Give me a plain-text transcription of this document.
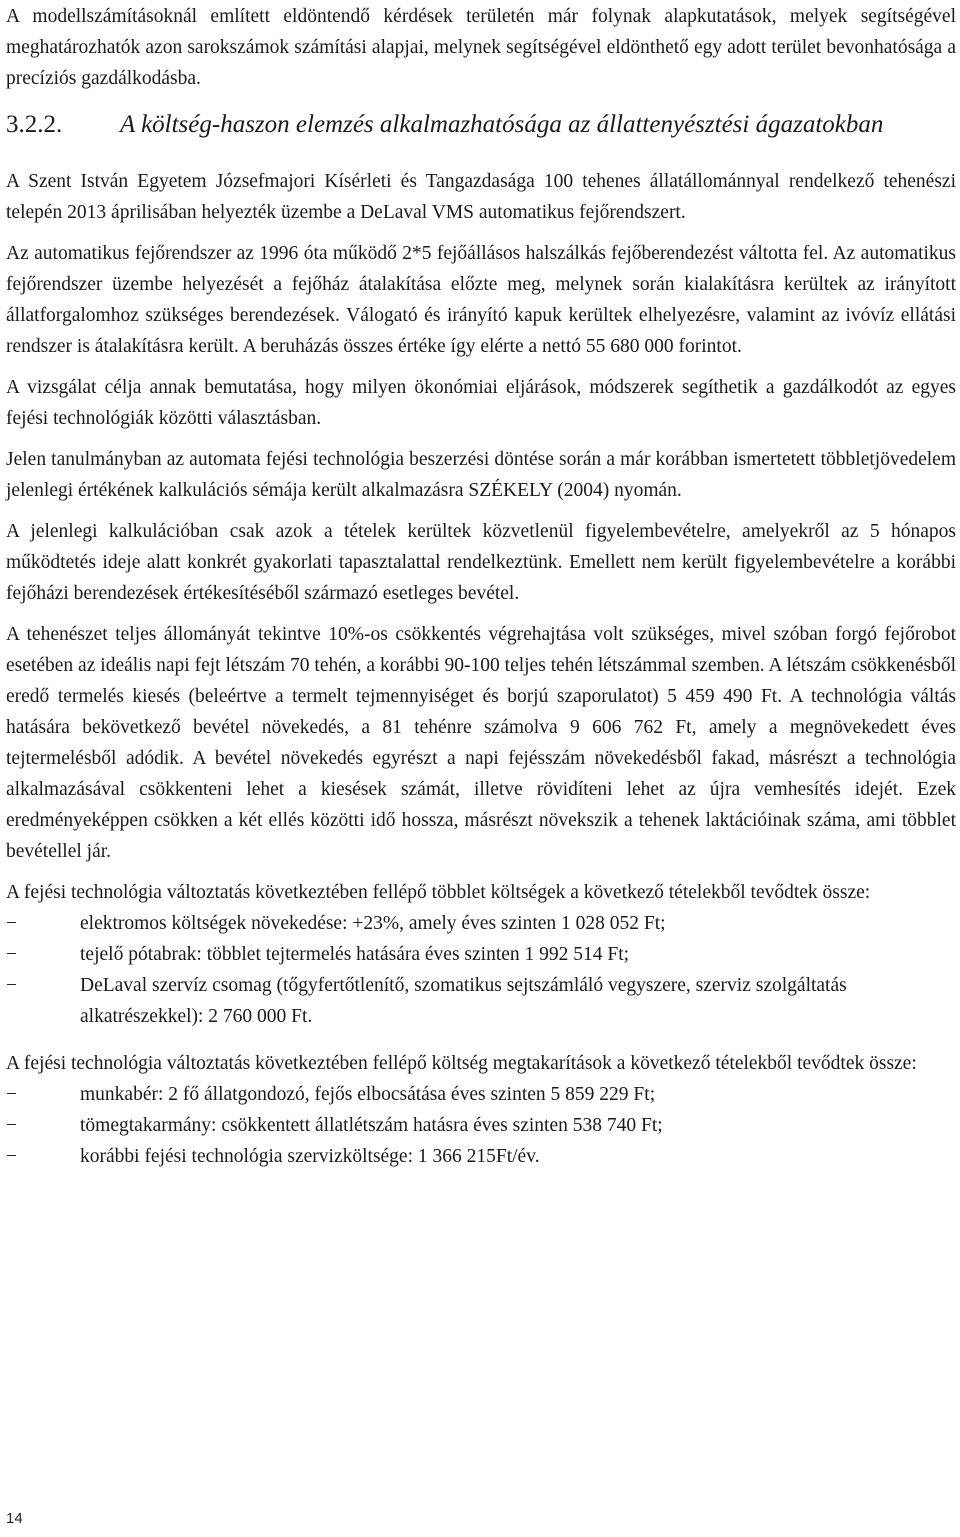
A modellszámításoknál említett eldöntendő kérdések területén már folynak alapkutatások, melyek segítségével meghatározhatók azon sarokszámok számítási alapjai, melynek segítségével eldönthető egy adott terület bevonhatósága a precíziós gazdálkodásba.

3.2.2.	A költség-haszon elemzés alkalmazhatósága az állattenyésztési ágazatokban

A Szent István Egyetem Józsefmajori Kísérleti és Tangazdasága 100 tehenes állatállománnyal rendelkező tehenészi telepén 2013 áprilisában helyezték üzembe a DeLaval VMS automatikus fejőrendszert.

Az automatikus fejőrendszer az 1996 óta működő 2*5 fejőállásos halszálkás fejőberendezést váltotta fel. Az automatikus fejőrendszer üzembe helyezését a fejőház átalakítása előzte meg, melynek során kialakításra kerültek az irányított állatforgalomhoz szükséges berendezések. Válogató és irányító kapuk kerültek elhelyezésre, valamint az ivóvíz ellátási rendszer is átalakításra került. A beruházás összes értéke így elérte a nettó 55 680 000 forintot.

A vizsgálat célja annak bemutatása, hogy milyen ökonómiai eljárások, módszerek segíthetik a gazdálkodót az egyes fejési technológiák közötti választásban.

Jelen tanulmányban az automata fejési technológia beszerzési döntése során a már korábban ismertetett többletjövedelem jelenlegi értékének kalkulációs sémája került alkalmazásra SZÉKELY (2004) nyomán.

A jelenlegi kalkulációban csak azok a tételek kerültek közvetlenül figyelembevételre, amelyekről az 5 hónapos működtetés ideje alatt konkrét gyakorlati tapasztalattal rendelkeztünk. Emellett nem került figyelembevételre a korábbi fejőházi berendezések értékesítéséből származó esetleges bevétel.

A tehenészet teljes állományát tekintve 10%-os csökkentés végrehajtása volt szükséges, mivel szóban forgó fejőrobot esetében az ideális napi fejt létszám 70 tehén, a korábbi 90-100 teljes tehén létszámmal szemben. A létszám csökkenésből eredő termelés kiesés (beleértve a termelt tejmennyiséget és borjú szaporulatot) 5 459 490 Ft. A technológia váltás hatására bekövetkező bevétel növekedés, a 81 tehénre számolva 9 606 762 Ft, amely a megnövekedett éves tejtermelésből adódik. A bevétel növekedés egyrészt a napi fejésszám növekedésből fakad, másrészt a technológia alkalmazásával csökkenteni lehet a kiesések számát, illetve rövidíteni lehet az újra vemhesítés idejét. Ezek eredményeképpen csökken a két ellés közötti idő hossza, másrészt növekszik a tehenek laktációinak száma, ami többlet bevétellel jár.

A fejési technológia változtatás következtében fellépő többlet költségek a következő tételekből tevődtek össze:

−	elektromos költségek növekedése: +23%, amely éves szinten 1 028 052 Ft;
−	tejelő pótabrak: többlet tejtermelés hatására éves szinten 1 992 514 Ft;
−	DeLaval szervíz csomag (tőgyfertőtlenítő, szomatikus sejtszámláló vegyszere, szerviz szolgáltatás alkatrészekkel): 2 760 000 Ft.

A fejési technológia változtatás következtében fellépő költség megtakarítások a következő tételekből tevődtek össze:

−	munkabér: 2 fő állatgondozó, fejős elbocsátása éves szinten 5 859 229 Ft;
−	tömegtakarmány: csökkentett állatlétszám hatásra éves szinten 538 740 Ft;
−	korábbi fejési technológia szervizköltsége: 1 366 215Ft/év.
14
